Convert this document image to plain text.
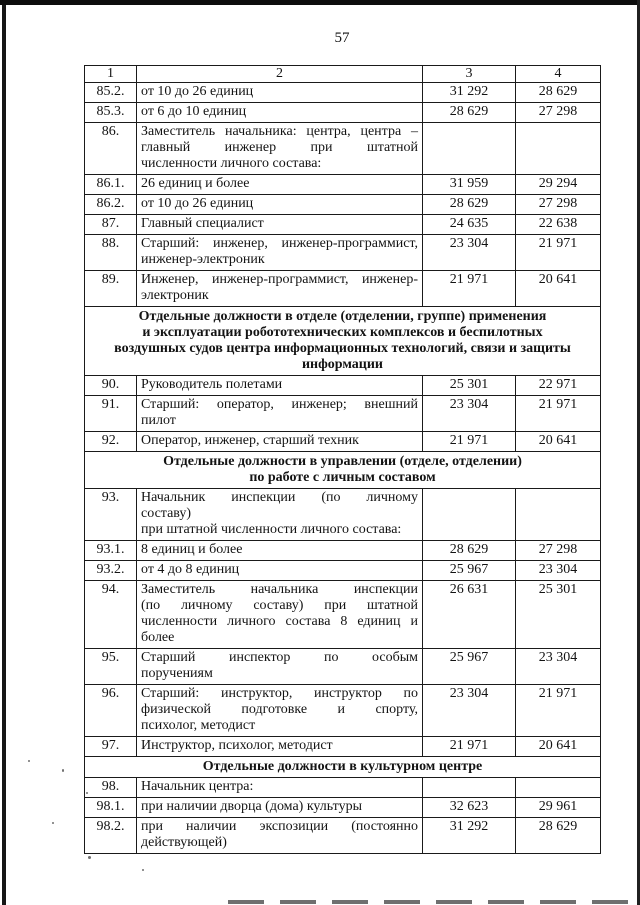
57
1	2	3	4
85.2.	от 10 до 26 единиц	31 292	28 629
85.3.	от 6 до 10 единиц	28 629	27 298
86.	Заместитель начальника: центра, центра –
главный инженер при штатной
численности личного состава:		

86.1.	26 единиц и более	31 959	29 294
86.2.	от 10 до 26 единиц	28 629	27 298
87.	Главный специалист	24 635	22 638
88.	Старший: инженер, инженер-программист,
инженер-электроник	23 304	21 971
89.	Инженер, инженер-программист, инженер-
электроник	21 971	20 641

Отдельные должности в отделе (отделении, группе) применения
и эксплуатации робототехнических комплексов и беспилотных
воздушных судов центра информационных технологий, связи и защиты
информации			

90.	Руководитель полетами	25 301	22 971
91.	Старший: оператор, инженер; внешний
пилот	23 304	21 971
92.	Оператор, инженер, старший техник	21 971	20 641

Отдельные должности в управлении (отделе, отделении)
по работе с личным составом			

93.	Начальник инспекции (по личному
составу)
при штатной численности личного состава:		

93.1.	8 единиц и более	28 629	27 298
93.2.	от 4 до 8 единиц	25 967	23 304
94.	Заместитель начальника инспекции
(по личному составу) при штатной
численности личного состава 8 единиц и
более	26 631	25 301
95.	Старший инспектор по особым
поручениям	25 967	23 304
96.	Старший: инструктор, инструктор по
физической подготовке и спорту,
психолог, методист	23 304	21 971
97.	Инструктор, психолог, методист	21 971	20 641

Отдельные должности в культурном центре			

98.	Начальник центра:		

98.1.	при наличии дворца (дома) культуры	32 623	29 961
98.2.	при наличии экспозиции (постоянно
действующей)	31 292	28 629
